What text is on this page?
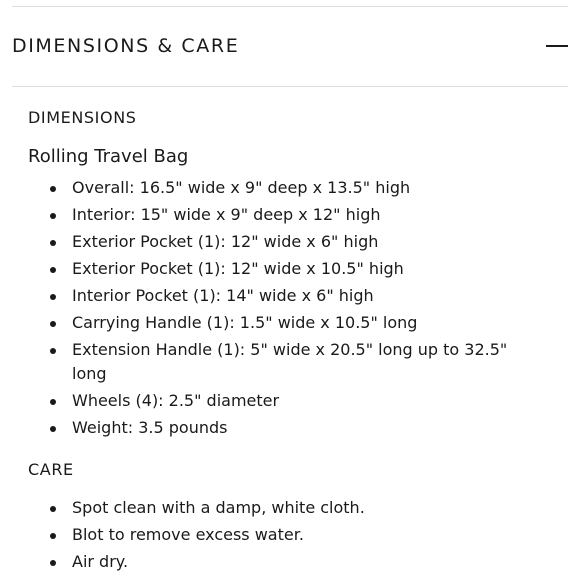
DIMENSIONS & CARE
DIMENSIONS
Rolling Travel Bag
Overall: 16.5" wide x 9" deep x 13.5" high
Interior: 15" wide x 9" deep x 12" high
Exterior Pocket (1): 12" wide x 6" high
Exterior Pocket (1): 12" wide x 10.5" high
Interior Pocket (1): 14" wide x 6" high
Carrying Handle (1): 1.5" wide x 10.5" long
Extension Handle (1): 5" wide x 20.5" long up to 32.5" long
Wheels (4): 2.5" diameter
Weight: 3.5 pounds
CARE
Spot clean with a damp, white cloth.
Blot to remove excess water.
Air dry.
